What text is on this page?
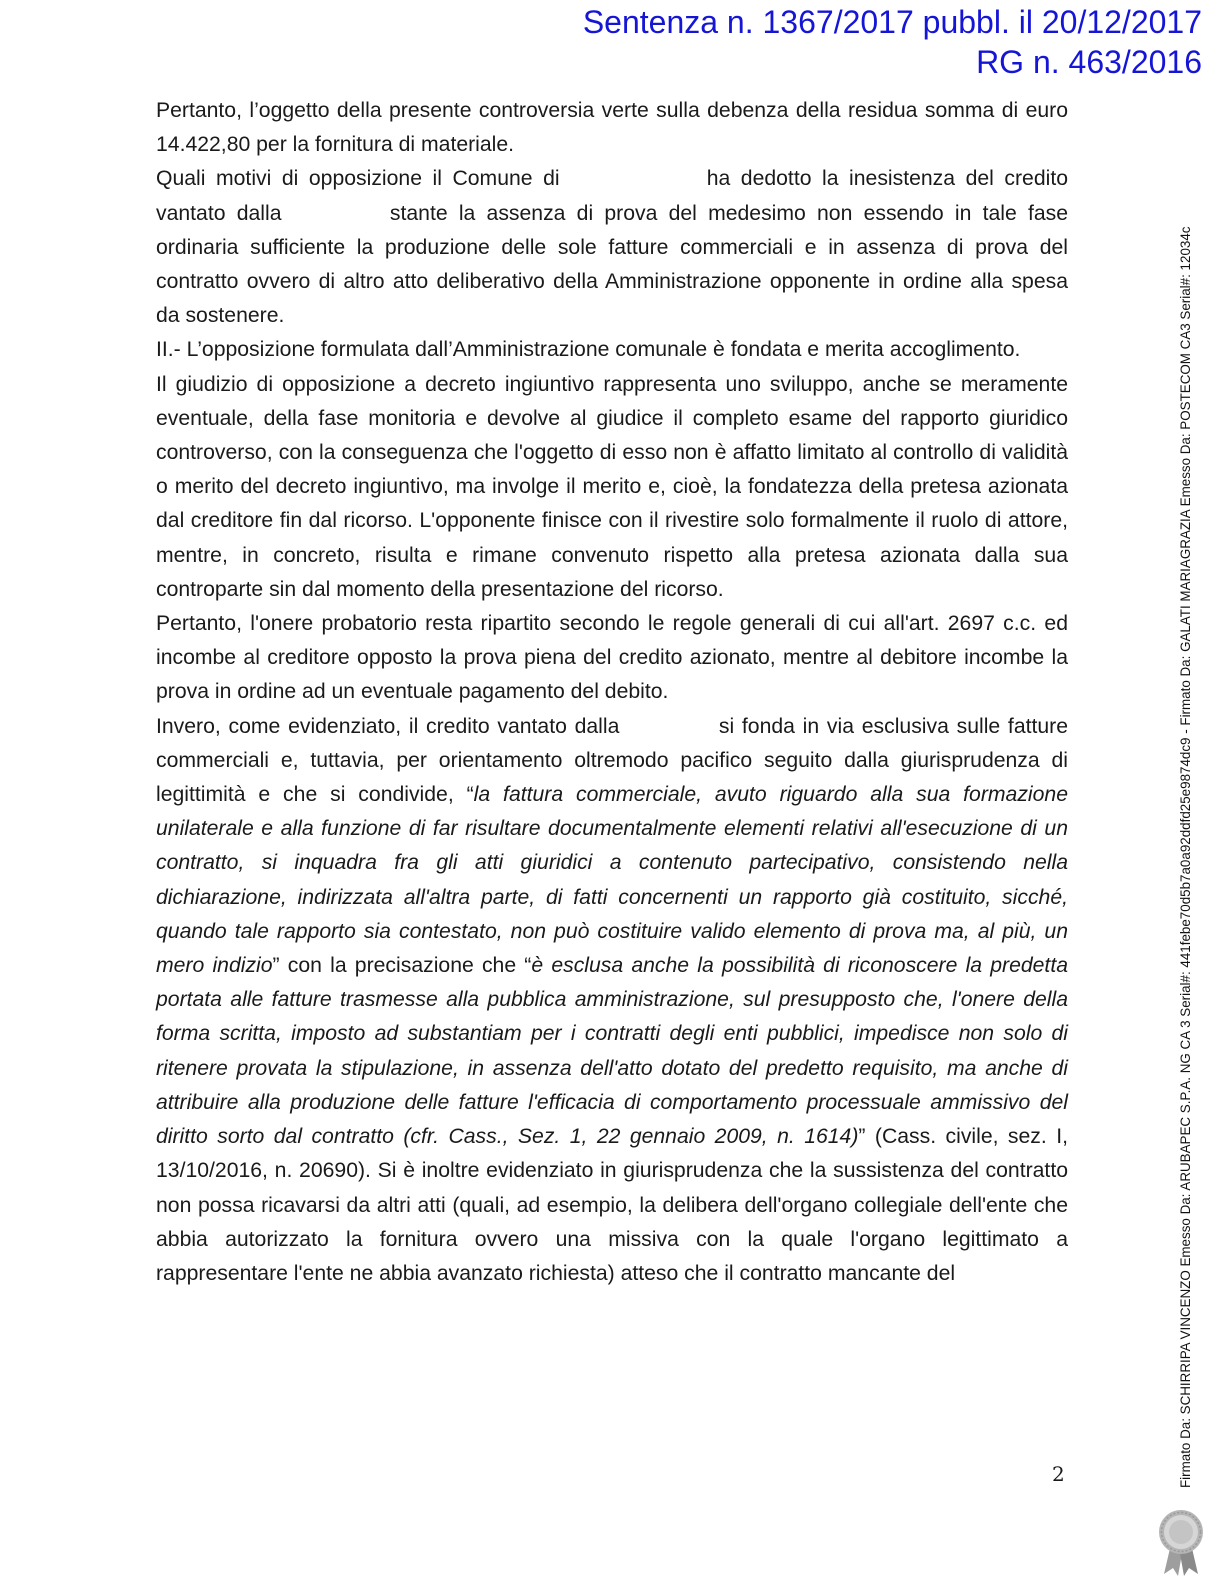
Sentenza n. 1367/2017 pubbl. il 20/12/2017
RG n. 463/2016

Pertanto, l’oggetto della presente controversia verte sulla debenza della residua somma di euro 14.422,80 per la fornitura di materiale.

Quali motivi di opposizione il Comune di	ha dedotto la inesistenza del credito vantato dalla	stante la assenza di prova del medesimo non essendo in tale fase ordinaria sufficiente la produzione delle sole fatture commerciali e in assenza di prova del contratto ovvero di altro atto deliberativo della Amministrazione opponente in ordine alla spesa da sostenere.

II.- L’opposizione formulata dall’Amministrazione comunale è fondata e merita accoglimento.

Il giudizio di opposizione a decreto ingiuntivo rappresenta uno sviluppo, anche se meramente eventuale, della fase monitoria e devolve al giudice il completo esame del rapporto giuridico controverso, con la conseguenza che l'oggetto di esso non è affatto limitato al controllo di validità o merito del decreto ingiuntivo, ma involge il merito e, cioè, la fondatezza della pretesa azionata dal creditore fin dal ricorso. L'opponente finisce con il rivestire solo formalmente il ruolo di attore, mentre, in concreto, risulta e rimane convenuto rispetto alla pretesa azionata dalla sua controparte sin dal momento della presentazione del ricorso.

Pertanto, l'onere probatorio resta ripartito secondo le regole generali di cui all'art. 2697 c.c. ed incombe al creditore opposto la prova piena del credito azionato, mentre al debitore incombe la prova in ordine ad un eventuale pagamento del debito.

Invero, come evidenziato, il credito vantato dalla	si fonda in via esclusiva sulle fatture commerciali e, tuttavia, per orientamento oltremodo pacifico seguito dalla giurisprudenza di legittimità e che si condivide, “la fattura commerciale, avuto riguardo alla sua formazione unilaterale e alla funzione di far risultare documentalmente elementi relativi all'esecuzione di un contratto, si inquadra fra gli atti giuridici a contenuto partecipativo, consistendo nella dichiarazione, indirizzata all'altra parte, di fatti concernenti un rapporto già costituito, sicché, quando tale rapporto sia contestato, non può costituire valido elemento di prova ma, al più, un mero indizio” con la precisazione che “è esclusa anche la possibilità di riconoscere la predetta portata alle fatture trasmesse alla pubblica amministrazione, sul presupposto che, l'onere della forma scritta, imposto ad substantiam per i contratti degli enti pubblici, impedisce non solo di ritenere provata la stipulazione, in assenza dell'atto dotato del predetto requisito, ma anche di attribuire alla produzione delle fatture l'efficacia di comportamento processuale ammissivo del diritto sorto dal contratto (cfr. Cass., Sez. 1, 22 gennaio 2009, n. 1614)” (Cass. civile, sez. I, 13/10/2016, n. 20690). Si è inoltre evidenziato in giurisprudenza che la sussistenza del contratto non possa ricavarsi da altri atti (quali, ad esempio, la delibera dell'organo collegiale dell'ente che abbia autorizzato la fornitura ovvero una missiva con la quale l'organo legittimato a rappresentare l'ente ne abbia avanzato richiesta) atteso che il contratto mancante del

2	Firmato Da: SCHIRRIPA VINCENZO Emesso Da: ARUBAPEC S.P.A. NG CA 3 Serial#: 441febe70d5b7a0a92ddfd25e9874dc9 - Firmato Da: GALATI MARIAGRAZIA Emesso Da: POSTECOM CA3 Serial#: 12034c
